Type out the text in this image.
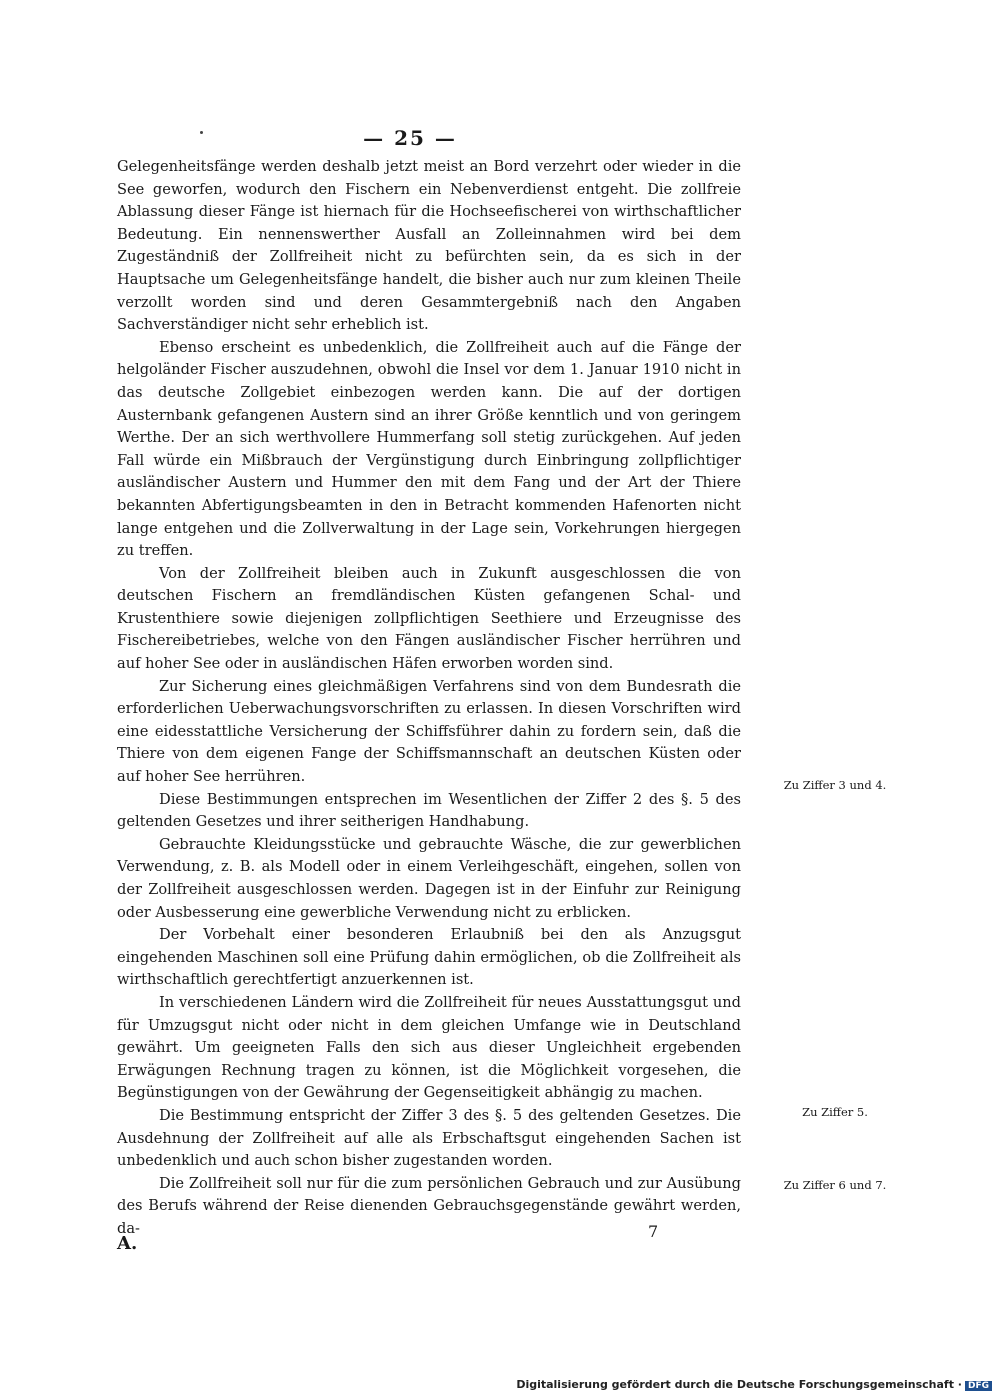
— 25 —

Gelegenheitsfänge werden deshalb jetzt meist an Bord verzehrt oder wieder in die See geworfen, wodurch den Fischern ein Nebenverdienst entgeht. Die zollfreie Ablassung dieser Fänge ist hiernach für die Hochseefischerei von wirthschaftlicher Bedeutung. Ein nennenswerther Ausfall an Zolleinnahmen wird bei dem Zugeständniß der Zollfreiheit nicht zu befürchten sein, da es sich in der Hauptsache um Gelegenheitsfänge handelt, die bisher auch nur zum kleinen Theile verzollt worden sind und deren Gesammtergebniß nach den Angaben Sachverständiger nicht sehr erheblich ist.

Ebenso erscheint es unbedenklich, die Zollfreiheit auch auf die Fänge der helgoländer Fischer auszudehnen, obwohl die Insel vor dem 1. Januar 1910 nicht in das deutsche Zollgebiet einbezogen werden kann. Die auf der dortigen Austernbank gefangenen Austern sind an ihrer Größe kenntlich und von geringem Werthe. Der an sich werthvollere Hummerfang soll stetig zurückgehen. Auf jeden Fall würde ein Mißbrauch der Vergünstigung durch Einbringung zollpflichtiger ausländischer Austern und Hummer den mit dem Fang und der Art der Thiere bekannten Abfertigungsbeamten in den in Betracht kommenden Hafenorten nicht lange entgehen und die Zollverwaltung in der Lage sein, Vorkehrungen hiergegen zu treffen.

Von der Zollfreiheit bleiben auch in Zukunft ausgeschlossen die von deutschen Fischern an fremdländischen Küsten gefangenen Schal- und Krustenthiere sowie diejenigen zollpflichtigen Seethiere und Erzeugnisse des Fischereibetriebes, welche von den Fängen ausländischer Fischer herrühren und auf hoher See oder in ausländischen Häfen erworben worden sind.

Zur Sicherung eines gleichmäßigen Verfahrens sind von dem Bundesrath die erforderlichen Ueberwachungsvorschriften zu erlassen. In diesen Vorschriften wird eine eidesstattliche Versicherung der Schiffsführer dahin zu fordern sein, daß die Thiere von dem eigenen Fange der Schiffsmannschaft an deutschen Küsten oder auf hoher See herrühren.

Diese Bestimmungen entsprechen im Wesentlichen der Ziffer 2 des §. 5 des geltenden Gesetzes und ihrer seitherigen Handhabung.

Gebrauchte Kleidungsstücke und gebrauchte Wäsche, die zur gewerblichen Verwendung, z. B. als Modell oder in einem Verleihgeschäft, eingehen, sollen von der Zollfreiheit ausgeschlossen werden. Dagegen ist in der Einfuhr zur Reinigung oder Ausbesserung eine gewerbliche Verwendung nicht zu erblicken.

Der Vorbehalt einer besonderen Erlaubniß bei den als Anzugsgut eingehenden Maschinen soll eine Prüfung dahin ermöglichen, ob die Zollfreiheit als wirthschaftlich gerechtfertigt anzuerkennen ist.

In verschiedenen Ländern wird die Zollfreiheit für neues Ausstattungsgut und für Umzugsgut nicht oder nicht in dem gleichen Umfange wie in Deutschland gewährt. Um geeigneten Falls den sich aus dieser Ungleichheit ergebenden Erwägungen Rechnung tragen zu können, ist die Möglichkeit vorgesehen, die Begünstigungen von der Gewährung der Gegenseitigkeit abhängig zu machen.

Die Bestimmung entspricht der Ziffer 3 des §. 5 des geltenden Gesetzes. Die Ausdehnung der Zollfreiheit auf alle als Erbschaftsgut eingehenden Sachen ist unbedenklich und auch schon bisher zugestanden worden.

Die Zollfreiheit soll nur für die zum persönlichen Gebrauch und zur Ausübung des Berufs während der Reise dienenden Gebrauchsgegenstände gewährt werden, da-

Zu Ziffer 3 und 4.
Zu Ziffer 5.
Zu Ziffer 6 und 7.
A.
7
Digitalisierung gefördert durch die Deutsche Forschungsgemeinschaft · DFG
